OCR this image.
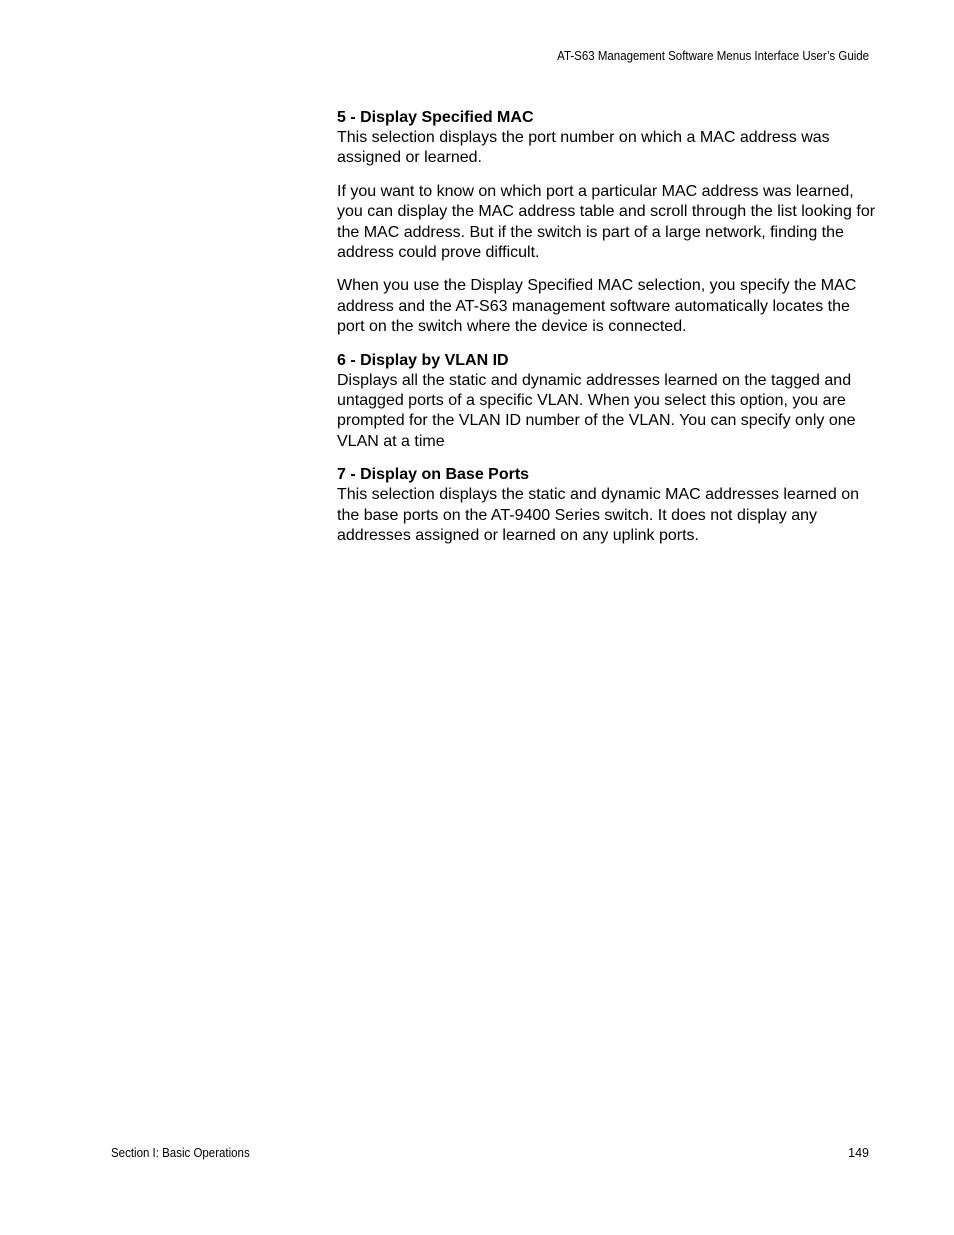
AT-S63 Management Software Menus Interface User’s Guide

5 - Display Specified MAC

This selection displays the port number on which a MAC address was assigned or learned.

If you want to know on which port a particular MAC address was learned, you can display the MAC address table and scroll through the list looking for the MAC address. But if the switch is part of a large network, finding the address could prove difficult.

When you use the Display Specified MAC selection, you specify the MAC address and the AT-S63 management software automatically locates the port on the switch where the device is connected.

6 - Display by VLAN ID

Displays all the static and dynamic addresses learned on the tagged and untagged ports of a specific VLAN. When you select this option, you are prompted for the VLAN ID number of the VLAN. You can specify only one VLAN at a time

7 - Display on Base Ports

This selection displays the static and dynamic MAC addresses learned on the base ports on the AT-9400 Series switch. It does not display any addresses assigned or learned on any uplink ports.

Section I: Basic Operations	149
